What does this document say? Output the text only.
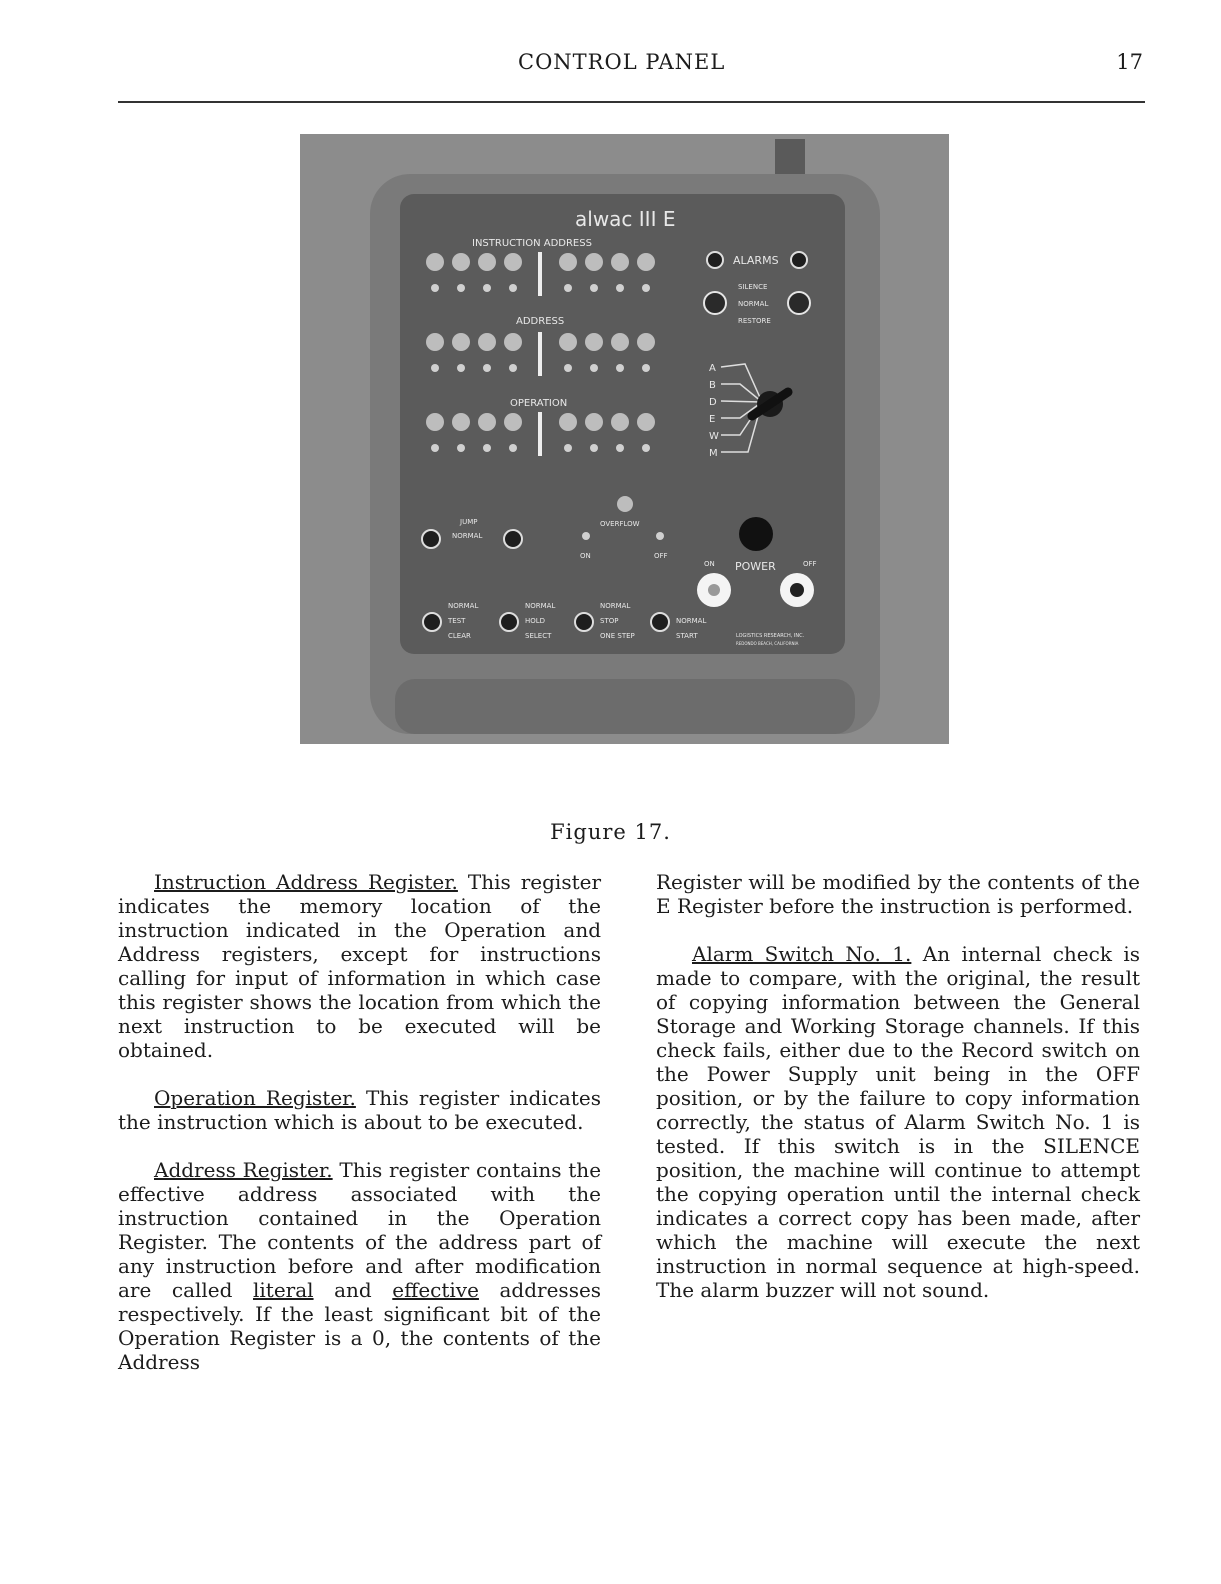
CONTROL PANEL	17
alwac III E
INSTRUCTION ADDRESS
ADDRESS
OPERATION
ALARMS
SILENCE
NORMAL
RESTORE
A
B
D
E
W
M
JUMP
NORMAL
OVERFLOW
ON	OFF
POWER
ON	OFF
NORMAL
TEST
CLEAR
NORMAL
HOLD
SELECT
NORMAL
STOP
ONE STEP
NORMAL
START	LOGISTICS RESEARCH, INC.
REDONDO BEACH, CALIFORNIA
Figure 17.

Instruction Address Register. This register indicates the memory location of the instruction indicated in the Operation and Address registers, except for instructions calling for input of information in which case this register shows the location from which the next instruction to be executed will be obtained.

Operation Register. This register indicates the instruction which is about to be executed.

Address Register. This register contains the effective address associated with the instruction contained in the Operation Register. The contents of the address part of any instruction before and after modification are called literal and effective addresses respectively. If the least significant bit of the Operation Register is a 0, the contents of the Address

Register will be modified by the contents of the E Register before the instruction is performed.

Alarm Switch No. 1. An internal check is made to compare, with the original, the result of copying information between the General Storage and Working Storage channels. If this check fails, either due to the Record switch on the Power Supply unit being in the OFF position, or by the failure to copy information correctly, the status of Alarm Switch No. 1 is tested. If this switch is in the SILENCE position, the machine will continue to attempt the copying operation until the internal check indicates a correct copy has been made, after which the machine will execute the next instruction in normal sequence at high-speed. The alarm buzzer will not sound.
